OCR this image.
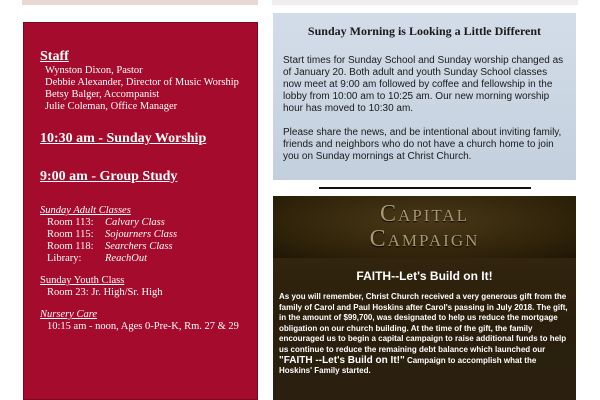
Staff
Wynston Dixon, Pastor
Debbie Alexander, Director of Music Worship
Betsy Balger, Accompanist
Julie Coleman, Office Manager
10:30 am - Sunday Worship
9:00 am - Group Study
Sunday Adult Classes
Room 113: Calvary Class
Room 115: Sojourners Class
Room 118: Searchers Class
Library: ReachOut
Sunday Youth Class
Room 23: Jr. High/Sr. High
Nursery Care
10:15 am - noon, Ages 0-Pre-K, Rm. 27 & 29
Sunday Morning is Looking a Little Different

Start times for Sunday School and Sunday worship changed as of January 20. Both adult and youth Sunday School classes now meet at 9:00 am followed by coffee and fellowship in the lobby from 10:00 am to 10:25 am. Our new morning worship hour has moved to 10:30 am.

Please share the news, and be intentional about inviting family, friends and neighbors who do not have a church home to join you on Sunday mornings at Christ Church.

Capital
Campaign
FAITH--Let's Build on It!
As you will remember, Christ Church received a very generous gift from the family of Carol and Paul Hoskins after Carol's passing in July 2018. The gift, in the amount of $99,700, was designated to help us reduce the mortgage obligation on our church building. At the time of the gift, the family encouraged us to begin a capital campaign to raise additional funds to help us continue to reduce the remaining debt balance which launched our "FAITH --Let's Build on It!" Campaign to accomplish what the Hoskins' Family started.
